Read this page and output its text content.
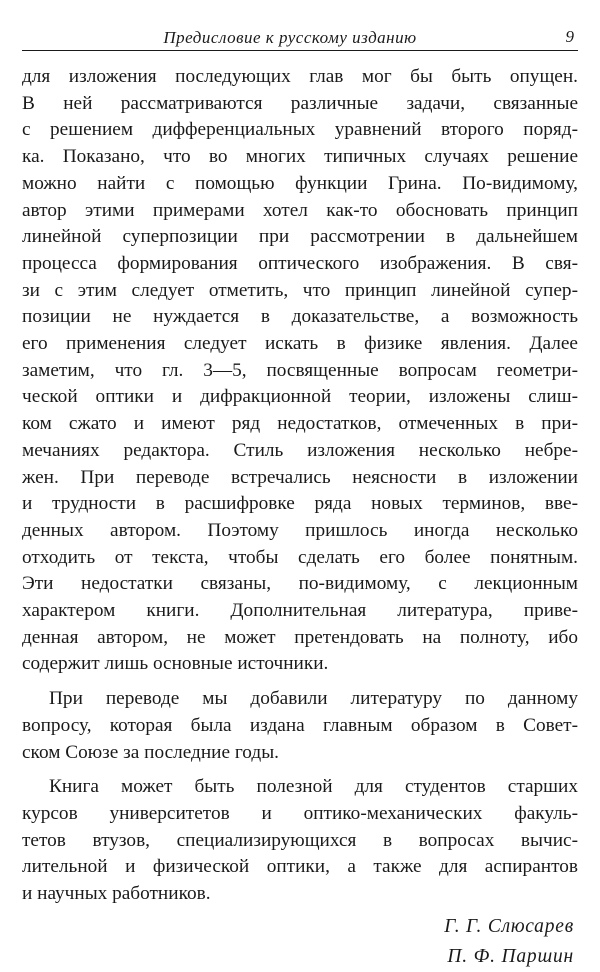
Предисловие к русскому изданию	9
для изложения последующих глав мог бы быть опущен.
В ней рассматриваются различные задачи, связанные
с решением дифференциальных уравнений второго поряд-
ка. Показано, что во многих типичных случаях решение
можно найти с помощью функции Грина. По-видимому,
автор этими примерами хотел как-то обосновать принцип
линейной суперпозиции при рассмотрении в дальнейшем
процесса формирования оптического изображения. В свя-
зи с этим следует отметить, что принцип линейной супер-
позиции не нуждается в доказательстве, а возможность
его применения следует искать в физике явления. Далее
заметим, что гл. 3—5, посвященные вопросам геометри-
ческой оптики и дифракционной теории, изложены слиш-
ком сжато и имеют ряд недостатков, отмеченных в при-
мечаниях редактора. Стиль изложения несколько небре-
жен. При переводе встречались неясности в изложении
и трудности в расшифровке ряда новых терминов, вве-
денных автором. Поэтому пришлось иногда несколько
отходить от текста, чтобы сделать его более понятным.
Эти недостатки связаны, по-видимому, с лекционным
характером книги. Дополнительная литература, приве-
денная автором, не может претендовать на полноту, ибо
содержит лишь основные источники.
При переводе мы добавили литературу по данному
вопросу, которая была издана главным образом в Совет-
ском Союзе за последние годы.
Книга может быть полезной для студентов старших
курсов университетов и оптико-механических факуль-
тетов втузов, специализирующихся в вопросах вычис-
лительной и физической оптики, а также для аспирантов
и научных работников.
Г. Г. Слюсарев
П. Ф. Паршин
